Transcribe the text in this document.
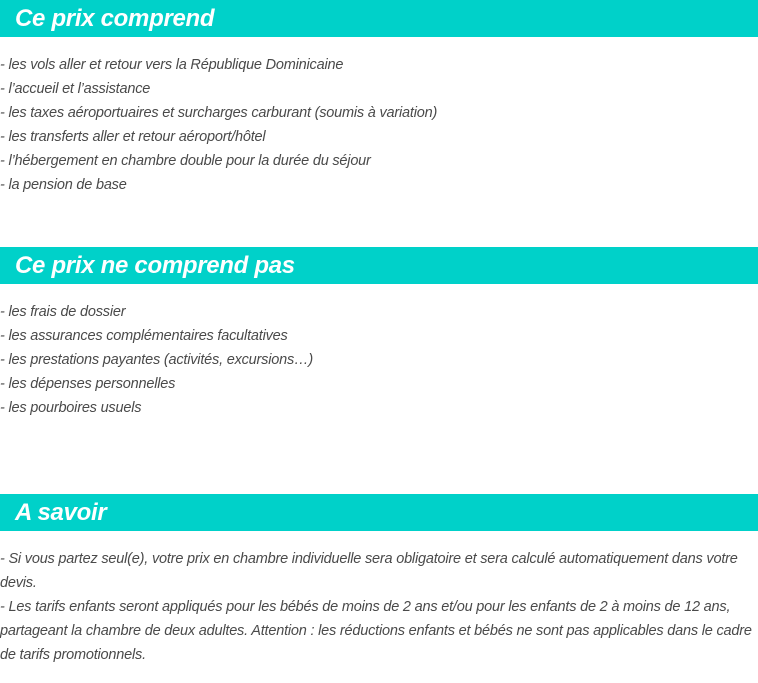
Ce prix comprend
- les vols aller et retour vers la République Dominicaine
- l’accueil et l’assistance
- les taxes aéroportuaires et surcharges carburant (soumis à variation)
- les transferts aller et retour aéroport/hôtel
- l’hébergement en chambre double pour la durée du séjour
- la pension de base
Ce prix ne comprend pas
- les frais de dossier
- les assurances complémentaires facultatives
- les prestations payantes (activités, excursions…)
- les dépenses personnelles
- les pourboires usuels
A savoir

- Si vous partez seul(e), votre prix en chambre individuelle sera obligatoire et sera calculé automatiquement dans votre devis.

- Les tarifs enfants seront appliqués pour les bébés de moins de 2 ans et/ou pour les enfants de 2 à moins de 12 ans, partageant la chambre de deux adultes. Attention : les réductions enfants et bébés ne sont pas applicables dans le cadre de tarifs promotionnels.
